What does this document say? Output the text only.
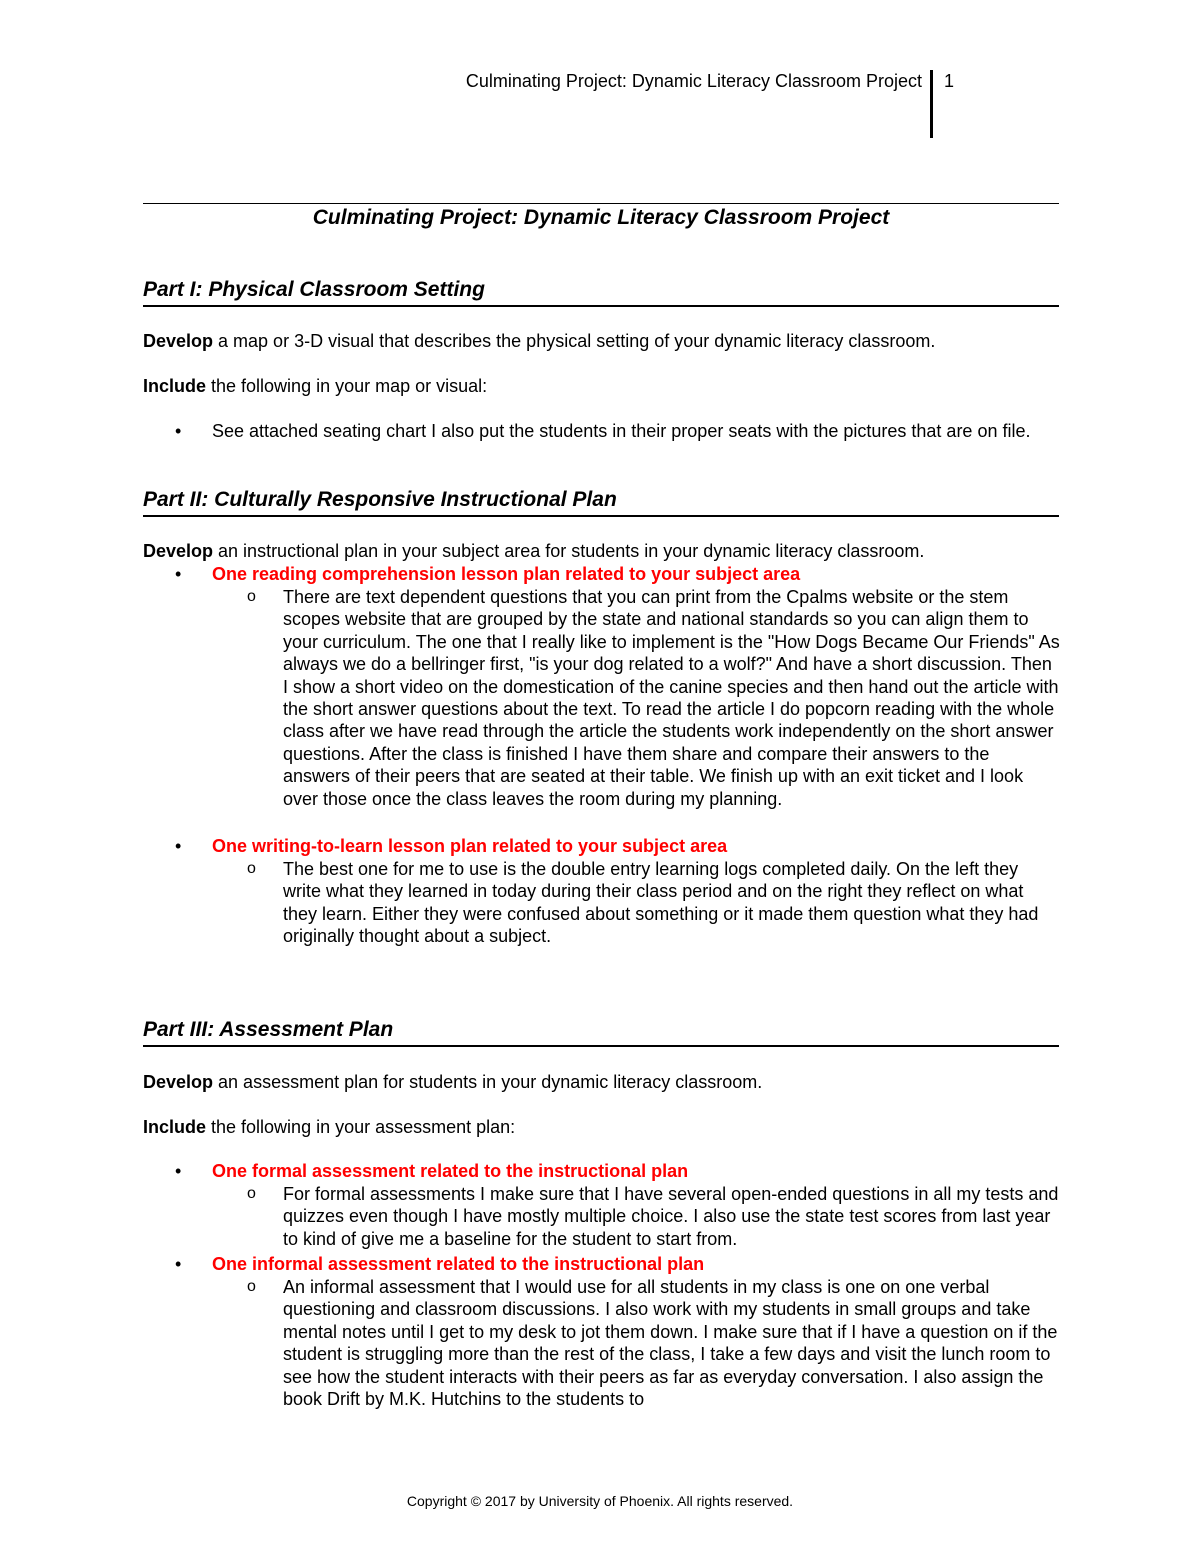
Culminating Project: Dynamic Literacy Classroom Project 1
Culminating Project: Dynamic Literacy Classroom Project
Part I: Physical Classroom Setting
Develop a map or 3-D visual that describes the physical setting of your dynamic literacy classroom.
Include the following in your map or visual:
• See attached seating chart I also put the students in their proper seats with the pictures that are on file.
Part II: Culturally Responsive Instructional Plan
Develop an instructional plan in your subject area for students in your dynamic literacy classroom.
• One reading comprehension lesson plan related to your subject area
o There are text dependent questions that you can print from the Cpalms website or the stem scopes website that are grouped by the state and national standards so you can align them to your curriculum. The one that I really like to implement is the "How Dogs Became Our Friends" As always we do a bellringer first, "is your dog related to a wolf?" And have a short discussion. Then I show a short video on the domestication of the canine species and then hand out the article with the short answer questions about the text. To read the article I do popcorn reading with the whole class after we have read through the article the students work independently on the short answer questions. After the class is finished I have them share and compare their answers to the answers of their peers that are seated at their table. We finish up with an exit ticket and I look over those once the class leaves the room during my planning.
• One writing-to-learn lesson plan related to your subject area
o The best one for me to use is the double entry learning logs completed daily. On the left they write what they learned in today during their class period and on the right they reflect on what they learn. Either they were confused about something or it made them question what they had originally thought about a subject.
Part III: Assessment Plan
Develop an assessment plan for students in your dynamic literacy classroom.
Include the following in your assessment plan:
• One formal assessment related to the instructional plan
o For formal assessments I make sure that I have several open-ended questions in all my tests and quizzes even though I have mostly multiple choice. I also use the state test scores from last year to kind of give me a baseline for the student to start from.
• One informal assessment related to the instructional plan
o An informal assessment that I would use for all students in my class is one on one verbal questioning and classroom discussions. I also work with my students in small groups and take mental notes until I get to my desk to jot them down. I make sure that if I have a question on if the student is struggling more than the rest of the class, I take a few days and visit the lunch room to see how the student interacts with their peers as far as everyday conversation. I also assign the book Drift by M.K. Hutchins to the students to
Copyright © 2017 by University of Phoenix. All rights reserved.
